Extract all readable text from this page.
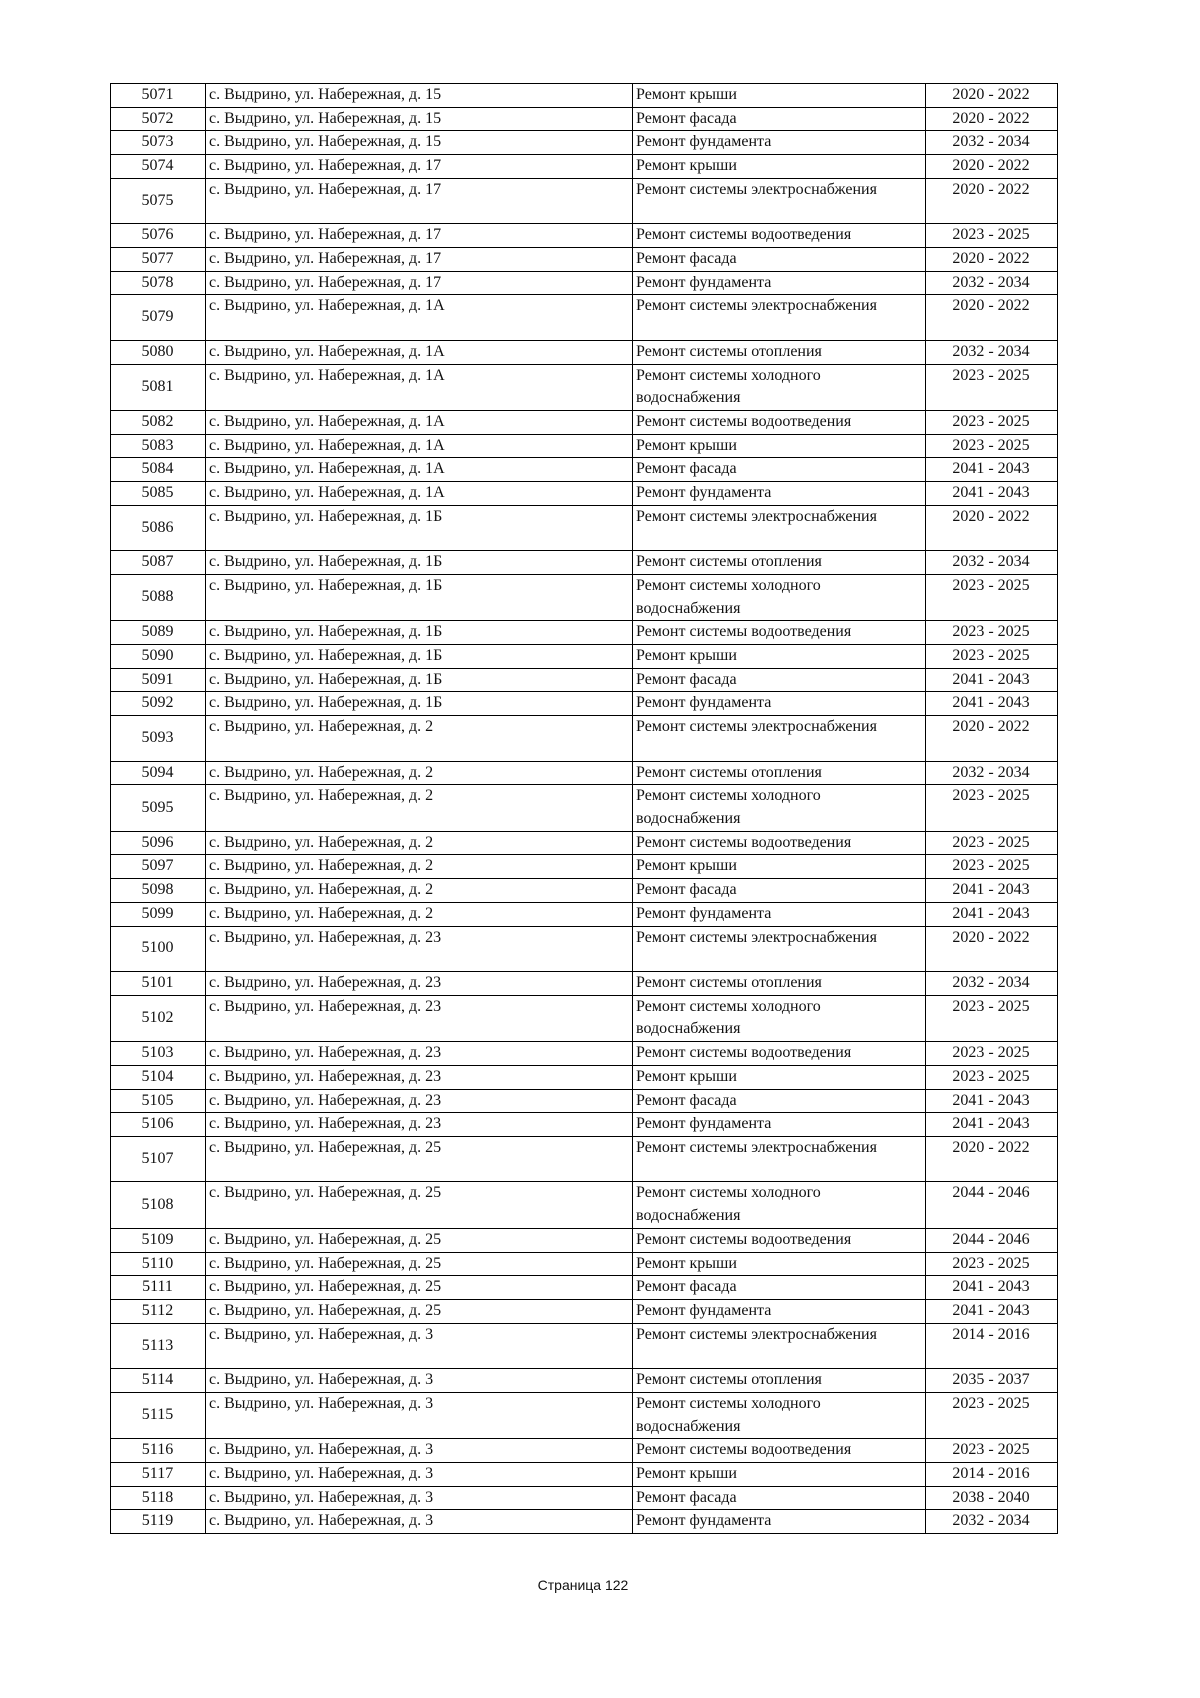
5071	с. Выдрино, ул. Набережная, д. 15	Ремонт крыши	2020 - 2022
5072	с. Выдрино, ул. Набережная, д. 15	Ремонт фасада	2020 - 2022
5073	с. Выдрино, ул. Набережная, д. 15	Ремонт фундамента	2032 - 2034
5074	с. Выдрино, ул. Набережная, д. 17	Ремонт крыши	2020 - 2022
5075	с. Выдрино, ул. Набережная, д. 17	Ремонт системы электроснабжения	2020 - 2022
5076	с. Выдрино, ул. Набережная, д. 17	Ремонт системы водоотведения	2023 - 2025
5077	с. Выдрино, ул. Набережная, д. 17	Ремонт фасада	2020 - 2022
5078	с. Выдрино, ул. Набережная, д. 17	Ремонт фундамента	2032 - 2034
5079	с. Выдрино, ул. Набережная, д. 1А	Ремонт системы электроснабжения	2020 - 2022
5080	с. Выдрино, ул. Набережная, д. 1А	Ремонт системы отопления	2032 - 2034
5081	с. Выдрино, ул. Набережная, д. 1А	Ремонт системы холодного водоснабжения	2023 - 2025
5082	с. Выдрино, ул. Набережная, д. 1А	Ремонт системы водоотведения	2023 - 2025
5083	с. Выдрино, ул. Набережная, д. 1А	Ремонт крыши	2023 - 2025
5084	с. Выдрино, ул. Набережная, д. 1А	Ремонт фасада	2041 - 2043
5085	с. Выдрино, ул. Набережная, д. 1А	Ремонт фундамента	2041 - 2043
5086	с. Выдрино, ул. Набережная, д. 1Б	Ремонт системы электроснабжения	2020 - 2022
5087	с. Выдрино, ул. Набережная, д. 1Б	Ремонт системы отопления	2032 - 2034
5088	с. Выдрино, ул. Набережная, д. 1Б	Ремонт системы холодного водоснабжения	2023 - 2025
5089	с. Выдрино, ул. Набережная, д. 1Б	Ремонт системы водоотведения	2023 - 2025
5090	с. Выдрино, ул. Набережная, д. 1Б	Ремонт крыши	2023 - 2025
5091	с. Выдрино, ул. Набережная, д. 1Б	Ремонт фасада	2041 - 2043
5092	с. Выдрино, ул. Набережная, д. 1Б	Ремонт фундамента	2041 - 2043
5093	с. Выдрино, ул. Набережная, д. 2	Ремонт системы электроснабжения	2020 - 2022
5094	с. Выдрино, ул. Набережная, д. 2	Ремонт системы отопления	2032 - 2034
5095	с. Выдрино, ул. Набережная, д. 2	Ремонт системы холодного водоснабжения	2023 - 2025
5096	с. Выдрино, ул. Набережная, д. 2	Ремонт системы водоотведения	2023 - 2025
5097	с. Выдрино, ул. Набережная, д. 2	Ремонт крыши	2023 - 2025
5098	с. Выдрино, ул. Набережная, д. 2	Ремонт фасада	2041 - 2043
5099	с. Выдрино, ул. Набережная, д. 2	Ремонт фундамента	2041 - 2043
5100	с. Выдрино, ул. Набережная, д. 23	Ремонт системы электроснабжения	2020 - 2022
5101	с. Выдрино, ул. Набережная, д. 23	Ремонт системы отопления	2032 - 2034
5102	с. Выдрино, ул. Набережная, д. 23	Ремонт системы холодного водоснабжения	2023 - 2025
5103	с. Выдрино, ул. Набережная, д. 23	Ремонт системы водоотведения	2023 - 2025
5104	с. Выдрино, ул. Набережная, д. 23	Ремонт крыши	2023 - 2025
5105	с. Выдрино, ул. Набережная, д. 23	Ремонт фасада	2041 - 2043
5106	с. Выдрино, ул. Набережная, д. 23	Ремонт фундамента	2041 - 2043
5107	с. Выдрино, ул. Набережная, д. 25	Ремонт системы электроснабжения	2020 - 2022
5108	с. Выдрино, ул. Набережная, д. 25	Ремонт системы холодного водоснабжения	2044 - 2046
5109	с. Выдрино, ул. Набережная, д. 25	Ремонт системы водоотведения	2044 - 2046
5110	с. Выдрино, ул. Набережная, д. 25	Ремонт крыши	2023 - 2025
5111	с. Выдрино, ул. Набережная, д. 25	Ремонт фасада	2041 - 2043
5112	с. Выдрино, ул. Набережная, д. 25	Ремонт фундамента	2041 - 2043
5113	с. Выдрино, ул. Набережная, д. 3	Ремонт системы электроснабжения	2014 - 2016
5114	с. Выдрино, ул. Набережная, д. 3	Ремонт системы отопления	2035 - 2037
5115	с. Выдрино, ул. Набережная, д. 3	Ремонт системы холодного водоснабжения	2023 - 2025
5116	с. Выдрино, ул. Набережная, д. 3	Ремонт системы водоотведения	2023 - 2025
5117	с. Выдрино, ул. Набережная, д. 3	Ремонт крыши	2014 - 2016
5118	с. Выдрино, ул. Набережная, д. 3	Ремонт фасада	2038 - 2040
5119	с. Выдрино, ул. Набережная, д. 3	Ремонт фундамента	2032 - 2034
Страница 122
